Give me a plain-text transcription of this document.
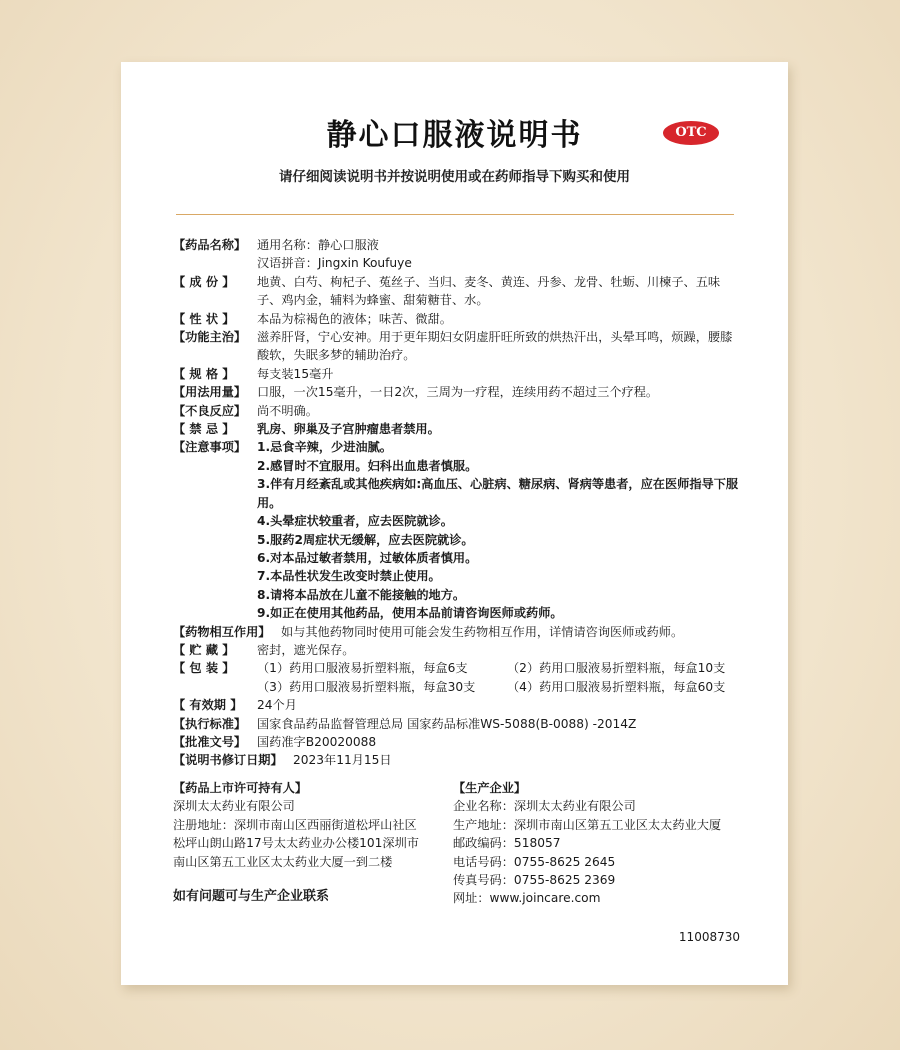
静心口服液说明书	OTC
请仔细阅读说明书并按说明使用或在药师指导下购买和使用
【药品名称】 通用名称：静心口服液
汉语拼音：Jingxin Koufuye
【 成 份 】	地黄、白芍、枸杞子、菟丝子、当归、麦冬、黄连、丹参、龙骨、牡蛎、川楝子、五味子、鸡内金，辅料为蜂蜜、甜菊糖苷、水。
【 性 状 】	本品为棕褐色的液体；味苦、微甜。
【功能主治】 滋养肝肾，宁心安神。用于更年期妇女阴虚肝旺所致的烘热汗出，头晕耳鸣，烦躁，腰膝酸软，失眠多梦的辅助治疗。
【 规 格 】	每支装15毫升
【用法用量】 口服，一次15毫升，一日2次，三周为一疗程，连续用药不超过三个疗程。
【不良反应】 尚不明确。
【 禁 忌 】	乳房、卵巢及子宫肿瘤患者禁用。
【注意事项】 1.忌食辛辣，少进油腻。
2.感冒时不宜服用。妇科出血患者慎服。
3.伴有月经紊乱或其他疾病如:高血压、心脏病、糖尿病、肾病等患者，应在医师指导下服用。
4.头晕症状较重者，应去医院就诊。
5.服药2周症状无缓解，应去医院就诊。
6.对本品过敏者禁用，过敏体质者慎用。
7.本品性状发生改变时禁止使用。
8.请将本品放在儿童不能接触的地方。
9.如正在使用其他药品，使用本品前请咨询医师或药师。
【药物相互作用】 如与其他药物同时使用可能会发生药物相互作用，详情请咨询医师或药师。
【 贮 藏 】	密封，遮光保存。
【 包 装 】	（1）药用口服液易折塑料瓶，每盒6支	（2）药用口服液易折塑料瓶，每盒10支
（3）药用口服液易折塑料瓶，每盒30支	（4）药用口服液易折塑料瓶，每盒60支
【 有效期 】	24个月
【执行标准】 国家食品药品监督管理总局 国家药品标准WS-5088(B-0088) -2014Z
【批准文号】 国药准字B20020088
【说明书修订日期】 2023年11月15日
【药品上市许可持有人】
深圳太太药业有限公司
注册地址：深圳市南山区西丽街道松坪山社区
松坪山朗山路17号太太药业办公楼101深圳市
南山区第五工业区太太药业大厦一到二楼
【生产企业】
企业名称：深圳太太药业有限公司
生产地址：深圳市南山区第五工业区太太药业大厦
邮政编码：518057
电话号码：0755-8625 2645
传真号码：0755-8625 2369
网址：www.joincare.com
如有问题可与生产企业联系
11008730
